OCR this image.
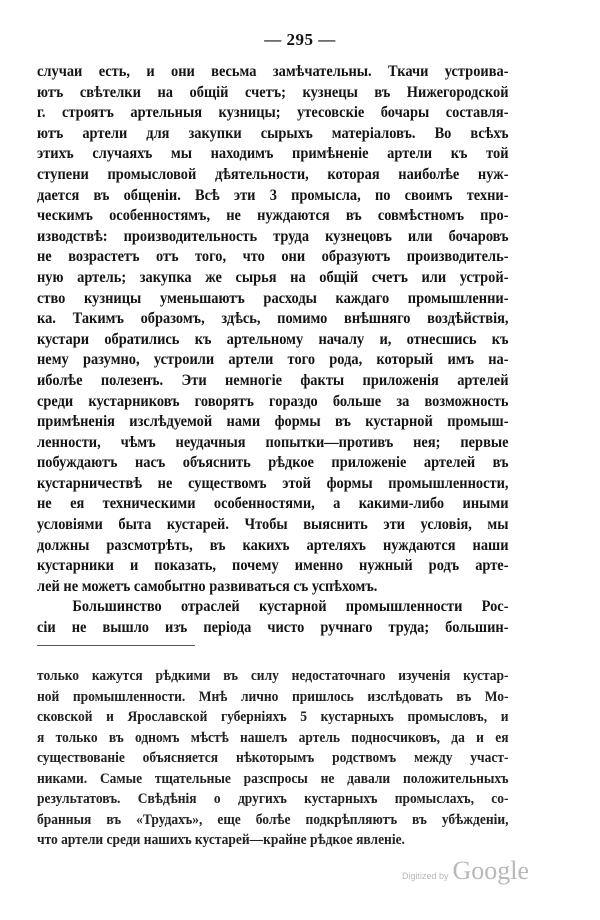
— 295 —
случаи есть, и они весьма замѣчательны. Ткачи устроива-
ютъ свѣтелки на общій счетъ; кузнецы въ Нижегородской
г. строятъ артельныя кузницы; утесовскіе бочары составля-
ютъ артели для закупки сырыхъ матеріаловъ. Во всѣхъ
этихъ случаяхъ мы находимъ примѣненіе артели къ той
ступени промысловой дѣятельности, которая наиболѣе нуж-
дается въ общеніи. Всѣ эти 3 промысла, по своимъ техни-
ческимъ особенностямъ, не нуждаются въ совмѣстномъ про-
изводствѣ: производительность труда кузнецовъ или бочаровъ
не возрастетъ отъ того, что они образуютъ производитель-
ную артель; закупка же сырья на общій счетъ или устрой-
ство кузницы уменьшаютъ расходы каждаго промышленни-
ка. Такимъ образомъ, здѣсь, помимо внѣшняго воздѣйствія,
кустари обратились къ артельному началу и, отнесшись къ
нему разумно, устроили артели того рода, который имъ на-
иболѣе полезенъ. Эти немногіе факты приложенія артелей
среди кустарниковъ говорятъ гораздо больше за возможность
примѣненія изслѣдуемой нами формы въ кустарной промыш-
ленности, чѣмъ неудачныя попытки—противъ нея; первые
побуждаютъ насъ объяснить рѣдкое приложеніе артелей въ
кустарничествѣ не существомъ этой формы промышленности,
не ея техническими особенностями, а какими-либо иными
условіями быта кустарей. Чтобы выяснить эти условія, мы
должны разсмотрѣть, въ какихъ артеляхъ нуждаются наши
кустарники и показать, почему именно нужный родъ арте-
лей не можетъ самобытно развиваться съ успѣхомъ.
Большинство отраслей кустарной промышленности Рос-
сіи не вышло изъ періода чисто ручнаго труда; большин-
только кажутся рѣдкими въ силу недостаточнаго изученія кустар-
ной промышленности. Мнѣ лично пришлось изслѣдовать въ Мо-
сковской и Ярославской губерніяхъ 5 кустарныхъ промысловъ, и
я только въ одномъ мѣстѣ нашелъ артель подносчиковъ, да и ея
существованіе объясняется нѣкоторымъ родствомъ между участ-
никами. Самые тщательные разспросы не давали положительныхъ
результатовъ. Свѣдѣнія о другихъ кустарныхъ промыслахъ, со-
бранныя въ «Трудахъ», еще болѣе подкрѣпляютъ въ убѣжденіи,
что артели среди нашихъ кустарей—крайне рѣдкое явленіе.
Digitized by Google
